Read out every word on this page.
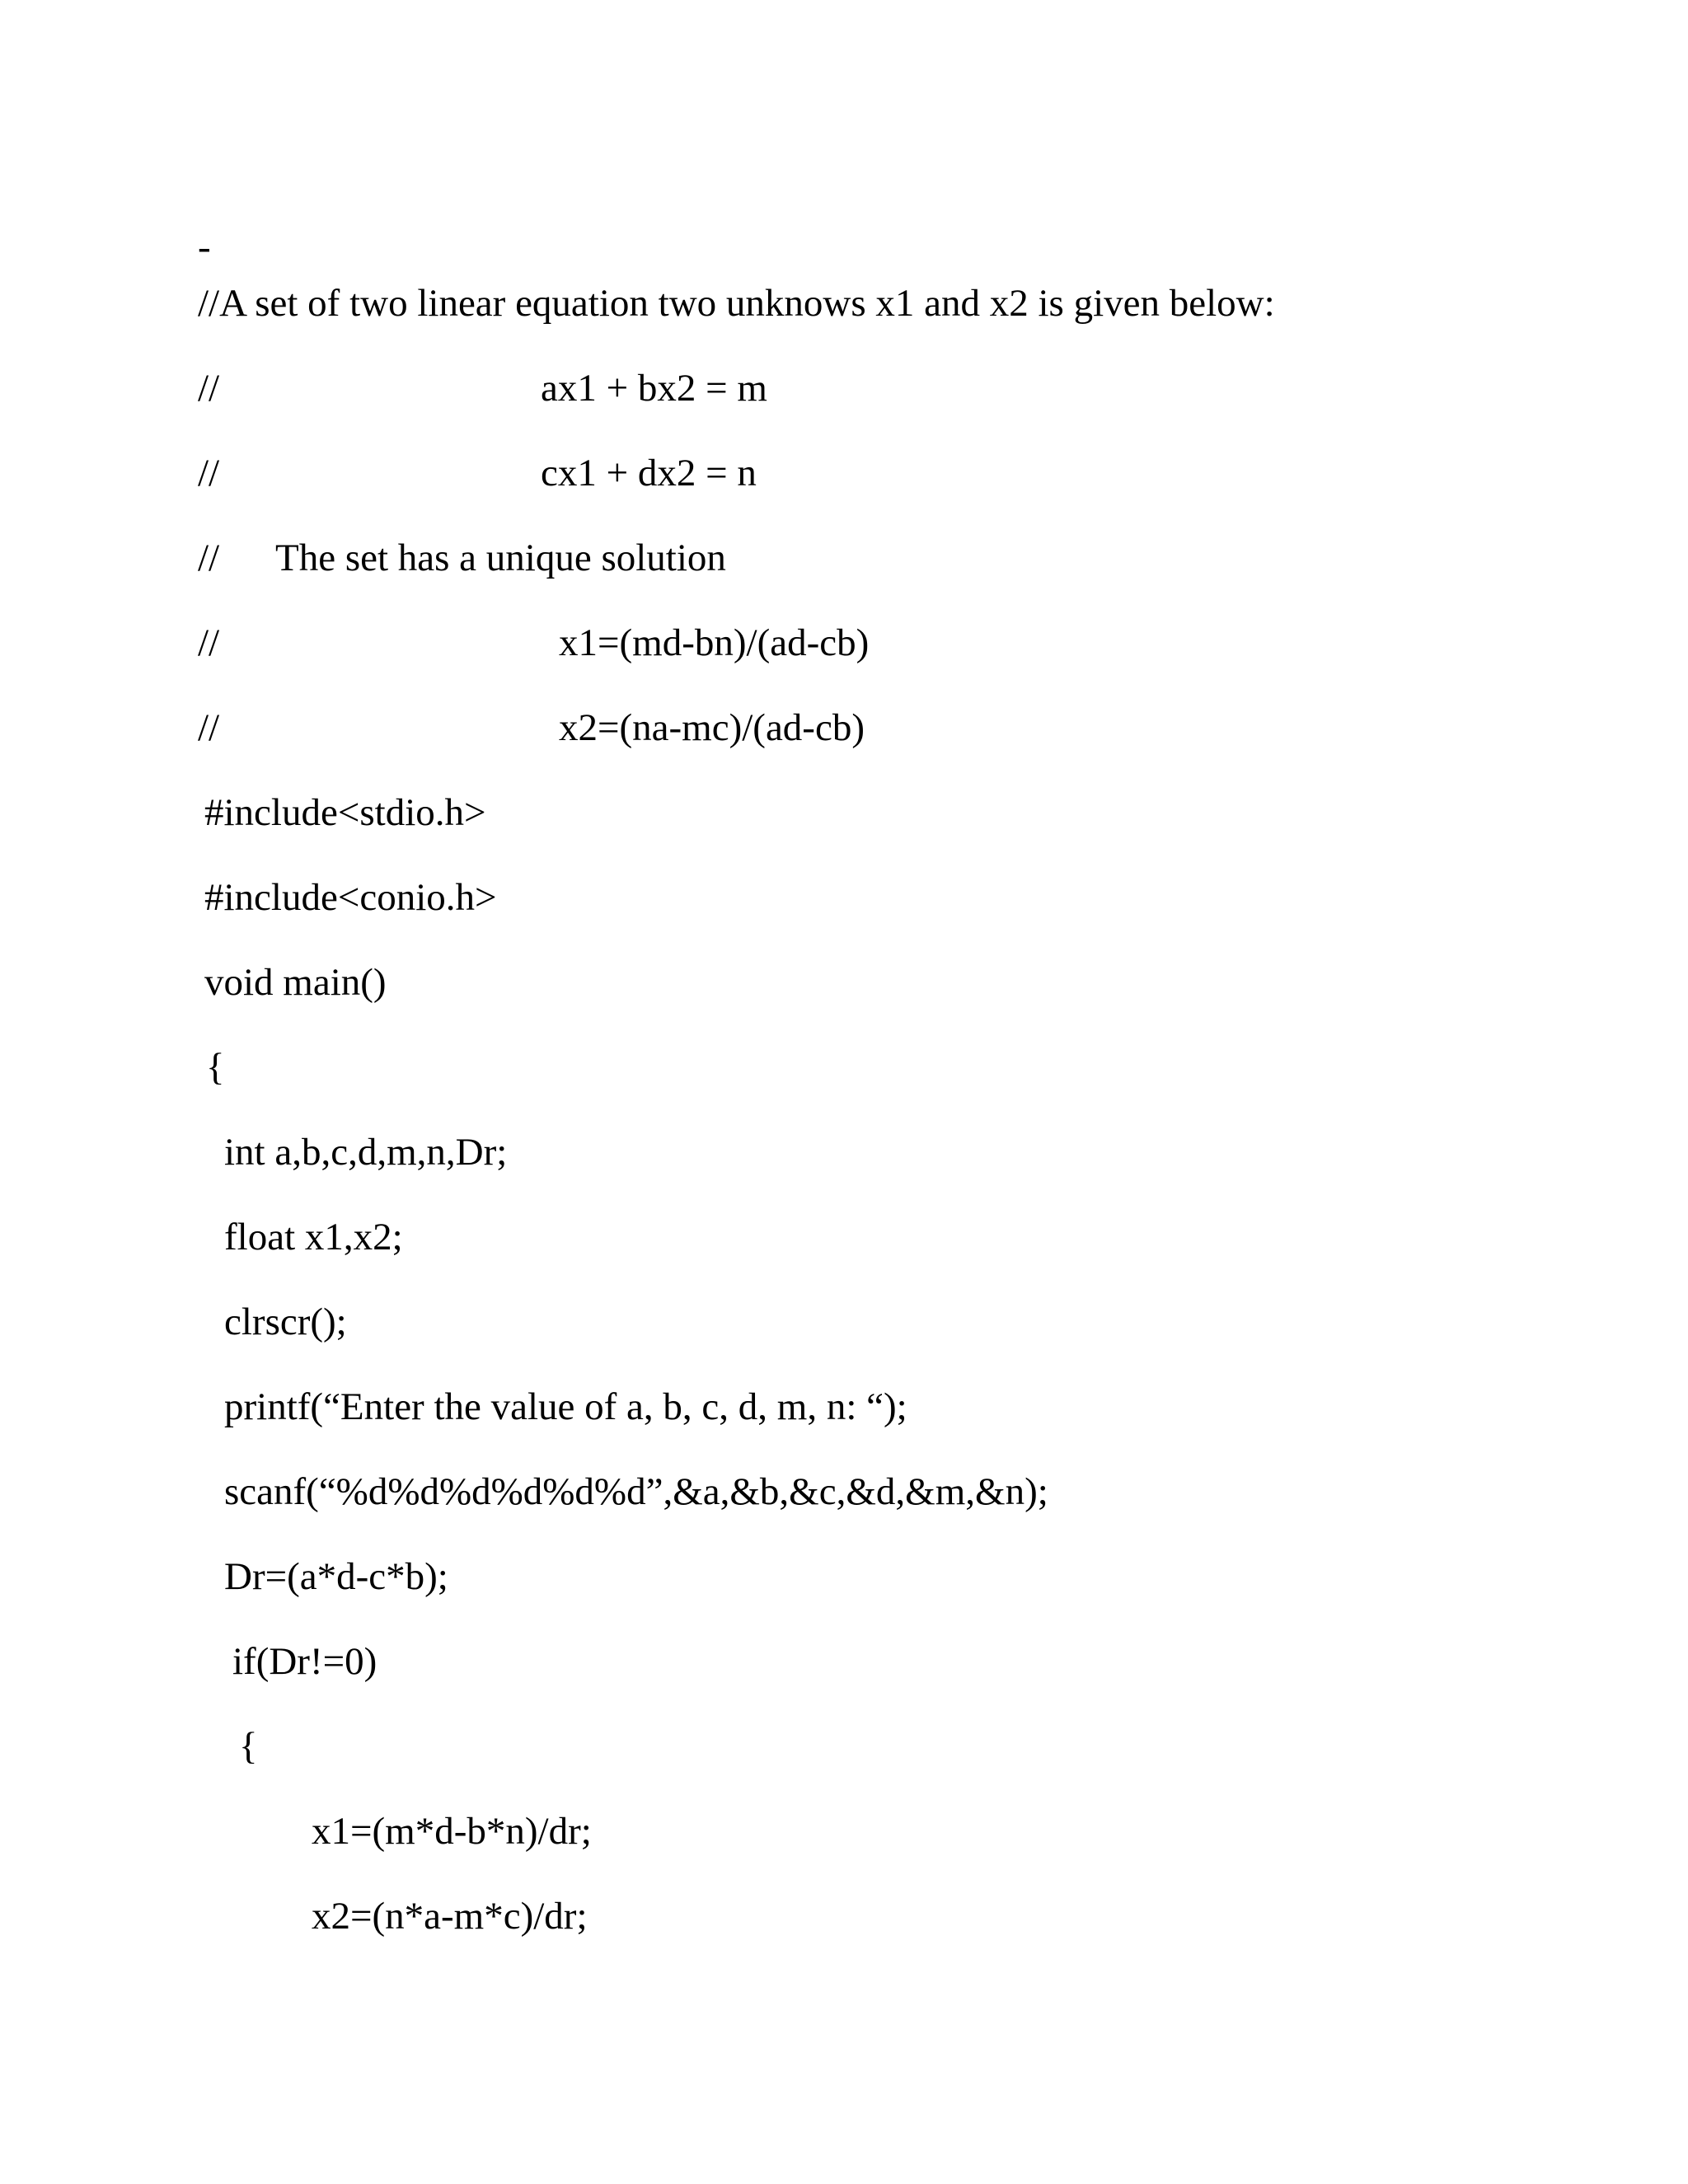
-
//A set of two linear equation two unknows x1 and x2 is given below:
//	ax1 + bx2 = m
//	cx1 + dx2 = n
// The set has a unique solution
//	x1=(md-bn)/(ad-cb)
//	x2=(na-mc)/(ad-cb)
#include<stdio.h>
#include<conio.h>
void main()
{
int a,b,c,d,m,n,Dr;
float x1,x2;
clrscr();
printf(“Enter the value of a, b, c, d, m, n: “);
scanf(“%d%d%d%d%d%d”,&a,&b,&c,&d,&m,&n);
Dr=(a*d-c*b);
if(Dr!=0)
{
x1=(m*d-b*n)/dr;
x2=(n*a-m*c)/dr;
